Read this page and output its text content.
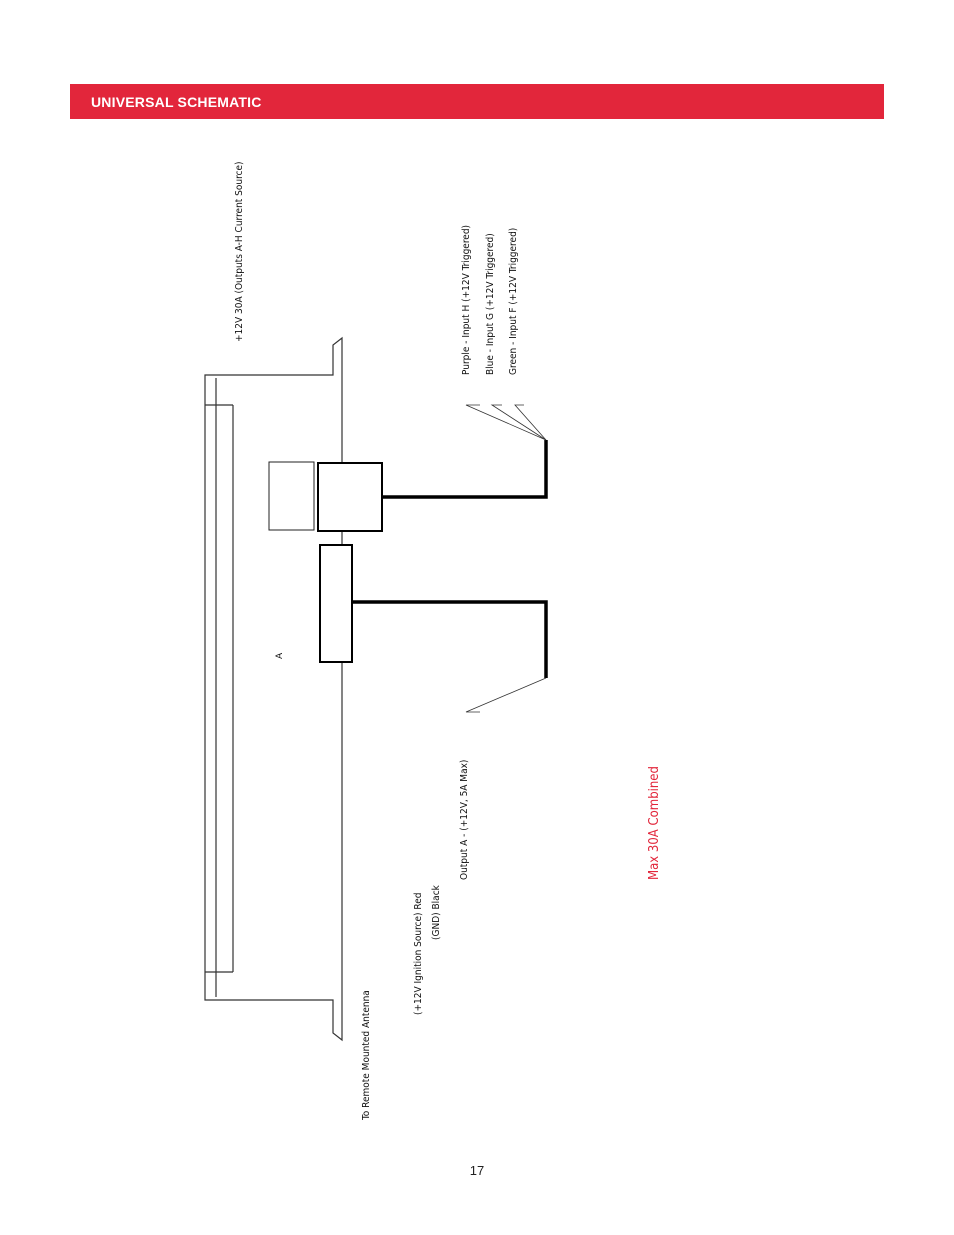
UNIVERSAL SCHEMATIC
Purple - Input H (+12V Triggered) Blue - Input G (+12V Triggered) Green - Input F (+12V Triggered)
Output A - (+12V, 5A Max)	Max 30A Combined
A
+12V 30A (Outputs A-H Current Source)
(+12V Ignition Source) Red (GND) Black
To Remote Mounted Antenna
17
